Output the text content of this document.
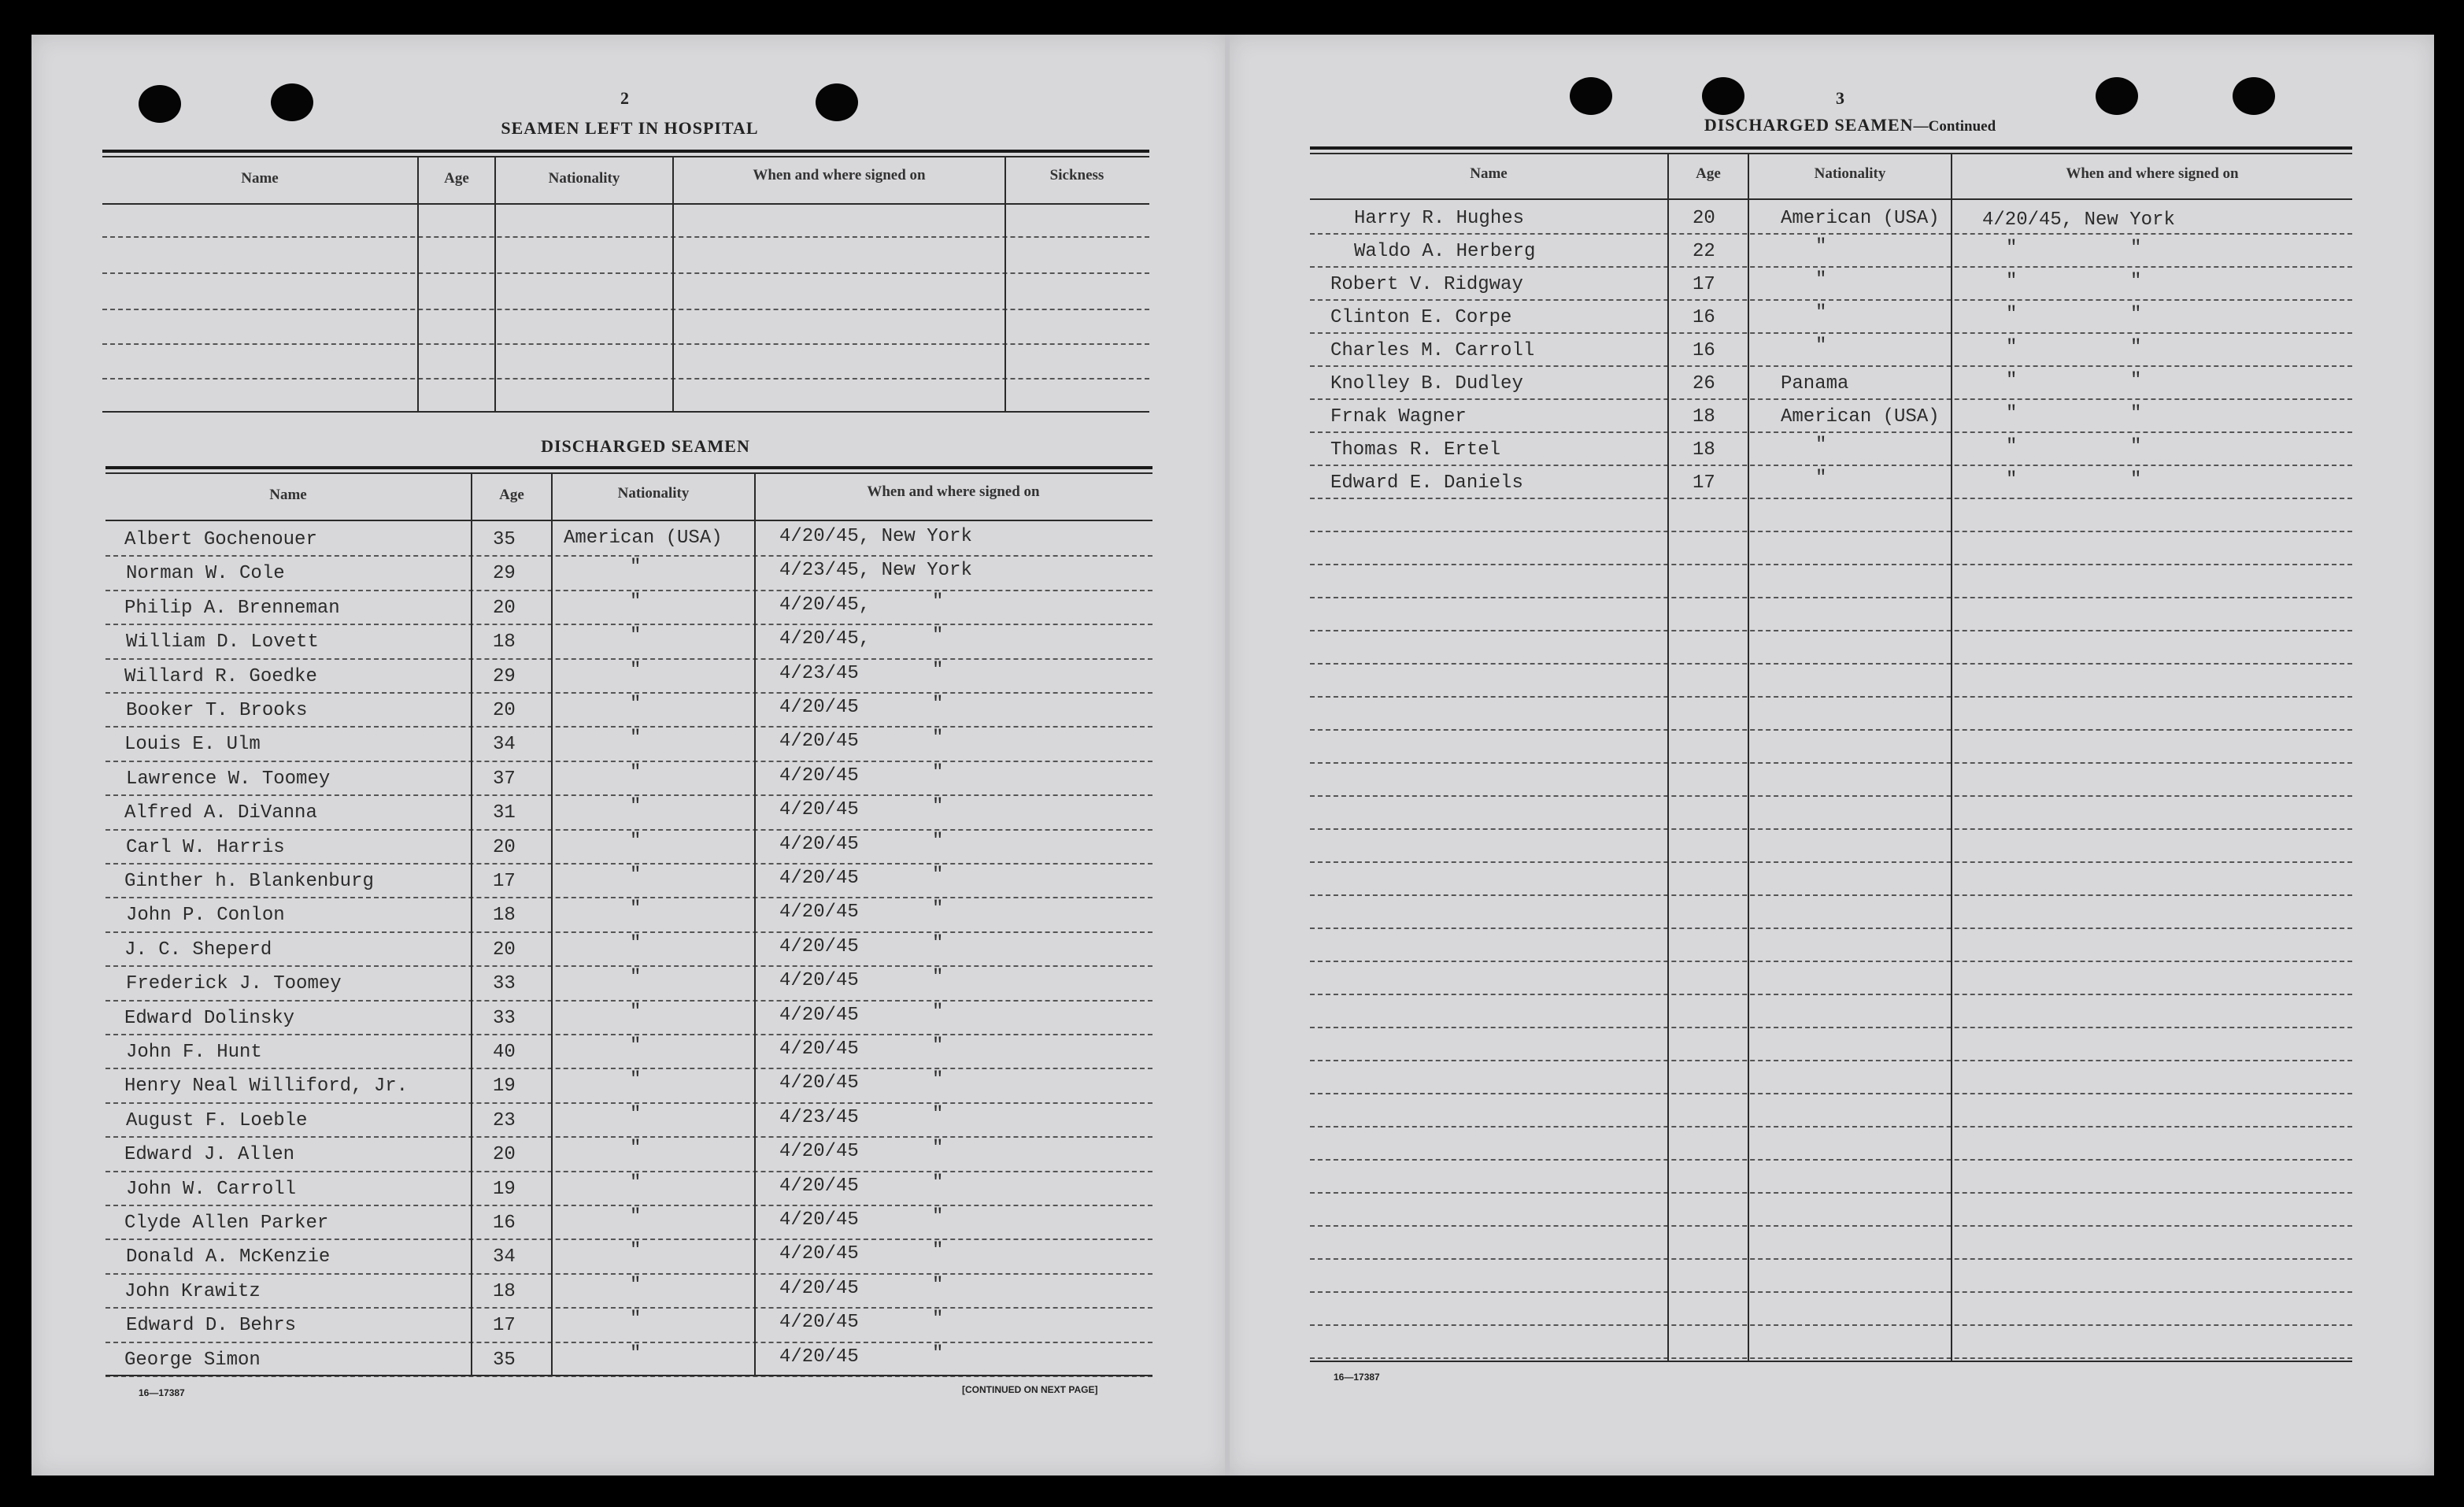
2
SEAMEN LEFT IN HOSPITAL
Name	Age	Nationality	When and where signed on	Sickness
DISCHARGED SEAMEN
Name	Age	Nationality	When and where signed on
Albert Gochenouer	35	American (USA)	4/20/45, New York
Norman W. Cole	29	"	4/23/45, New York
Philip A. Brenneman	20	"	4/20/45,	"
William D. Lovett	18	"	4/20/45,	"
Willard R. Goedke	29	"	4/23/45	"
Booker T. Brooks	20	"	4/20/45	"
Louis E. Ulm	34	"	4/20/45	"
Lawrence W. Toomey	37	"	4/20/45	"
Alfred A. DiVanna	31	"	4/20/45	"
Carl W. Harris	20	"	4/20/45	"
Ginther h. Blankenburg	17	"	4/20/45	"
John P. Conlon	18	"	4/20/45	"
J. C. Sheperd	20	"	4/20/45	"
Frederick J. Toomey	33	"	4/20/45	"
Edward Dolinsky	33	"	4/20/45	"
John F. Hunt	40	"	4/20/45	"
Henry Neal Williford, Jr.	19	"	4/20/45	"
August F. Loeble	23	"	4/23/45	"
Edward J. Allen	20	"	4/20/45	"
John W. Carroll	19	"	4/20/45	"
Clyde Allen Parker	16	"	4/20/45	"
Donald A. McKenzie	34	"	4/20/45	"
John Krawitz	18	"	4/20/45	"
Edward D. Behrs	17	"	4/20/45	"
George Simon	35	"	4/20/45	"
16—17387	[CONTINUED ON NEXT PAGE]
3
DISCHARGED SEAMEN—Continued
Name	Age	Nationality	When and where signed on
Harry R. Hughes	20	American (USA) 4/20/45, New York
Waldo A. Herberg	22	"	"	"
Robert V. Ridgway	17	"	"	"
Clinton E. Corpe	16	"	"	"
Charles M. Carroll	16	"	"	"
Knolley B. Dudley	26	Panama	"	"
Frnak Wagner	18	American (USA)	"	"
Thomas R. Ertel	18	"	"	"
Edward E. Daniels	17	"	"	"
16—17387
